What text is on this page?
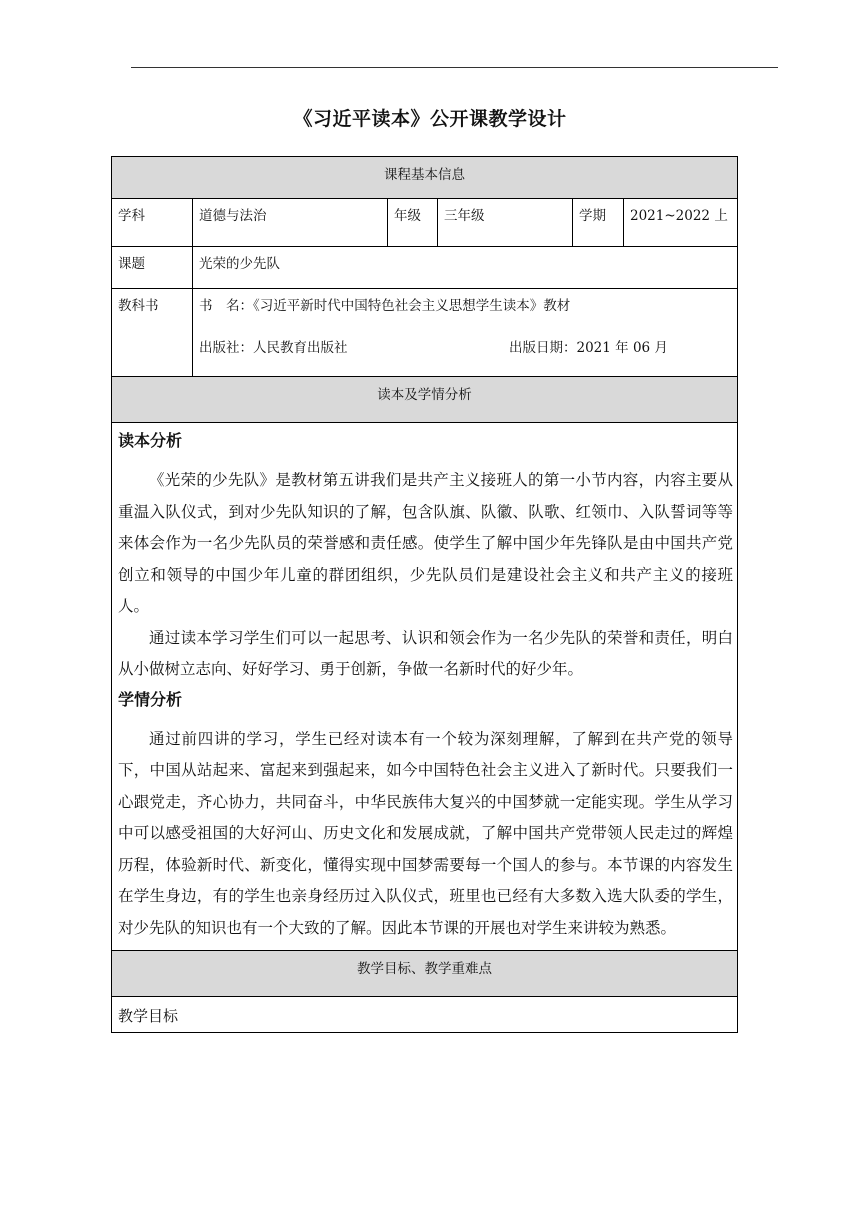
《习近平读本》公开课教学设计
课程基本信息					

学科	道德与法治	年级	三年级	学期	2021~2022 上
课题	光荣的少先队				
教科书	书　名：《习近平新时代中国特色社会主义思想学生读本》教材
出版社：人民教育出版社 出版日期：2021 年 06 月				

读本及学情分析					

读本分析

《光荣的少先队》是教材第五讲我们是共产主义接班人的第一小节内容，内容主要从重温入队仪式，到对少先队知识的了解，包含队旗、队徽、队歌、红领巾、入队誓词等等来体会作为一名少先队员的荣誉感和责任感。使学生了解中国少年先锋队是由中国共产党创立和领导的中国少年儿童的群团组织，少先队员们是建设社会主义和共产主义的接班人。

通过读本学习学生们可以一起思考、认识和领会作为一名少先队的荣誉和责任，明白从小做树立志向、好好学习、勇于创新，争做一名新时代的好少年。

学情分析

通过前四讲的学习，学生已经对读本有一个较为深刻理解，了解到在共产党的领导下，中国从站起来、富起来到强起来，如今中国特色社会主义进入了新时代。只要我们一心跟党走，齐心协力，共同奋斗，中华民族伟大复兴的中国梦就一定能实现。学生从学习中可以感受祖国的大好河山、历史文化和发展成就，了解中国共产党带领人民走过的辉煌历程，体验新时代、新变化，懂得实现中国梦需要每一个国人的参与。本节课的内容发生在学生身边，有的学生也亲身经历过入队仪式，班里也已经有大多数入选大队委的学生，对少先队的知识也有一个大致的了解。因此本节课的开展也对学生来讲较为熟悉。					

教学目标、教学重难点					

教学目标					
